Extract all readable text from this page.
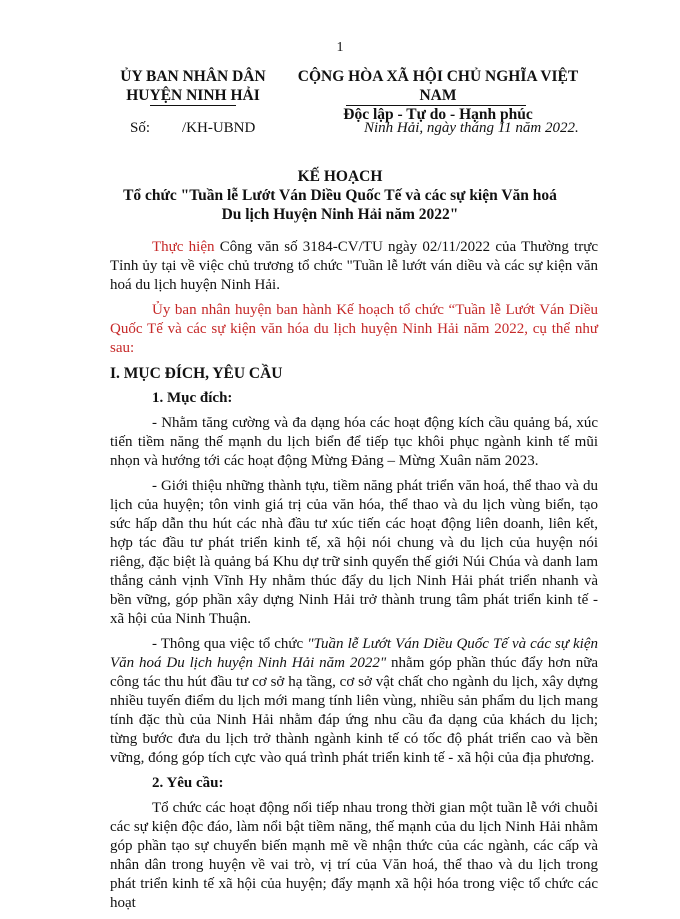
1
ỦY BAN NHÂN DÂN
HUYỆN NINH HẢI
CỘNG HÒA XÃ HỘI CHỦ NGHĨA VIỆT NAM
Độc lập - Tự do - Hạnh phúc
Số: /KH-UBND	Ninh Hải, ngày tháng 11 năm 2022.
KẾ HOẠCH
Tổ chức "Tuần lễ Lướt Ván Diều Quốc Tế và các sự kiện Văn hoá Du lịch Huyện Ninh Hải năm 2022"

Thực hiện Công văn số 3184-CV/TU ngày 02/11/2022 của Thường trực Tỉnh ủy tại về việc chủ trương tổ chức "Tuần lễ lướt ván diều và các sự kiện văn hoá du lịch huyện Ninh Hải.

Ủy ban nhân huyện ban hành Kế hoạch tổ chức “Tuần lễ Lướt Ván Diều Quốc Tế và các sự kiện văn hóa du lịch huyện Ninh Hải năm 2022, cụ thể như sau:

I. MỤC ĐÍCH, YÊU CẦU

1. Mục đích:

- Nhằm tăng cường và đa dạng hóa các hoạt động kích cầu quảng bá, xúc tiến tiềm năng thế mạnh du lịch biển để tiếp tục khôi phục ngành kinh tế mũi nhọn và hướng tới các hoạt động Mừng Đảng – Mừng Xuân năm 2023.

- Giới thiệu những thành tựu, tiềm năng phát triển văn hoá, thể thao và du lịch của huyện; tôn vinh giá trị của văn hóa, thể thao và du lịch vùng biển, tạo sức hấp dẫn thu hút các nhà đầu tư xúc tiến các hoạt động liên doanh, liên kết, hợp tác đầu tư phát triển kinh tế, xã hội nói chung và du lịch của huyện nói riêng, đặc biệt là quảng bá Khu dự trữ sinh quyển thế giới Núi Chúa và danh lam thắng cảnh vịnh Vĩnh Hy nhằm thúc đẩy du lịch Ninh Hải phát triển nhanh và bền vững, góp phần xây dựng Ninh Hải trở thành trung tâm phát triển kinh tế - xã hội của Ninh Thuận.

- Thông qua việc tổ chức "Tuần lễ Lướt Ván Diều Quốc Tế và các sự kiện Văn hoá Du lịch huyện Ninh Hải năm 2022" nhằm góp phần thúc đẩy hơn nữa công tác thu hút đầu tư cơ sở hạ tầng, cơ sở vật chất cho ngành du lịch, xây dựng nhiều tuyến điểm du lịch mới mang tính liên vùng, nhiều sản phẩm du lịch mang tính đặc thù của Ninh Hải nhằm đáp ứng nhu cầu đa dạng của khách du lịch; từng bước đưa du lịch trở thành ngành kinh tế có tốc độ phát triển cao và bền vững, đóng góp tích cực vào quá trình phát triển kinh tế - xã hội của địa phương.

2. Yêu cầu:

Tổ chức các hoạt động nối tiếp nhau trong thời gian một tuần lễ với chuỗi các sự kiện độc đáo, làm nổi bật tiềm năng, thế mạnh của du lịch Ninh Hải nhằm góp phần tạo sự chuyển biến mạnh mẽ về nhận thức của các ngành, các cấp và nhân dân trong huyện về vai trò, vị trí của Văn hoá, thể thao và du lịch trong phát triển kinh tế xã hội của huyện; đẩy mạnh xã hội hóa trong việc tổ chức các hoạt
